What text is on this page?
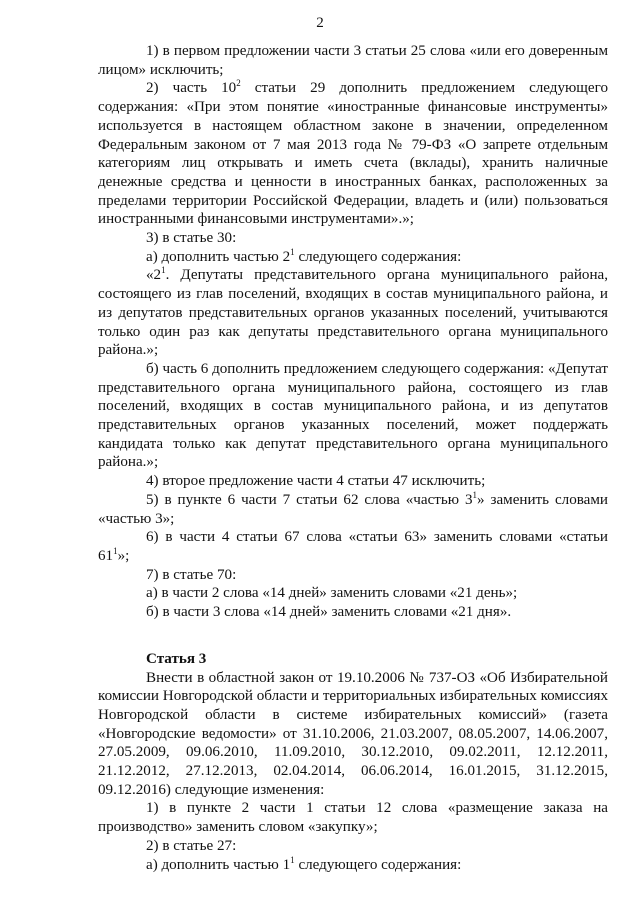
2

1) в первом предложении части 3 статьи 25 слова «или его доверенным лицом» исключить;

2) часть $10^2$ статьи 29 дополнить предложением следующего содержания: «При этом понятие «иностранные финансовые инструменты» используется в настоящем областном законе в значении, определенном Федеральным законом от 7 мая 2013 года № 79-ФЗ «О запрете отдельным категориям лиц открывать и иметь счета (вклады), хранить наличные денежные средства и ценности в иностранных банках, расположенных за пределами территории Российской Федерации, владеть и (или) пользоваться иностранными финансовыми инструментами».»;

3) в статье 30:

а) дополнить частью $2^1$ следующего содержания:

«$2^1$. Депутаты представительного органа муниципального района, состоящего из глав поселений, входящих в состав муниципального района, и из депутатов представительных органов указанных поселений, учитываются только один раз как депутаты представительного органа муниципального района.»;

б) часть 6 дополнить предложением следующего содержания: «Депутат представительного органа муниципального района, состоящего из глав поселений, входящих в состав муниципального района, и из депутатов представительных органов указанных поселений, может поддержать кандидата только как депутат представительного органа муниципального района.»;

4) второе предложение части 4 статьи 47 исключить;

5) в пункте 6 части 7 статьи 62 слова «частью $3^1$» заменить словами «частью 3»;

6) в части 4 статьи 67 слова «статьи 63» заменить словами «статьи $61^1$»;

7) в статье 70:

а) в части 2 слова «14 дней» заменить словами «21 день»;

б) в части 3 слова «14 дней» заменить словами «21 дня».

Статья 3

Внести в областной закон от 19.10.2006 № 737-ОЗ «Об Избирательной комиссии Новгородской области и территориальных избирательных комиссиях Новгородской области в системе избирательных комиссий» (газета «Новгородские ведомости» от 31.10.2006, 21.03.2007, 08.05.2007, 14.06.2007, 27.05.2009, 09.06.2010, 11.09.2010, 30.12.2010, 09.02.2011, 12.12.2011, 21.12.2012, 27.12.2013, 02.04.2014, 06.06.2014, 16.01.2015, 31.12.2015, 09.12.2016) следующие изменения:

1) в пункте 2 части 1 статьи 12 слова «размещение заказа на производство» заменить словом «закупку»;

2) в статье 27:

а) дополнить частью $1^1$ следующего содержания:
